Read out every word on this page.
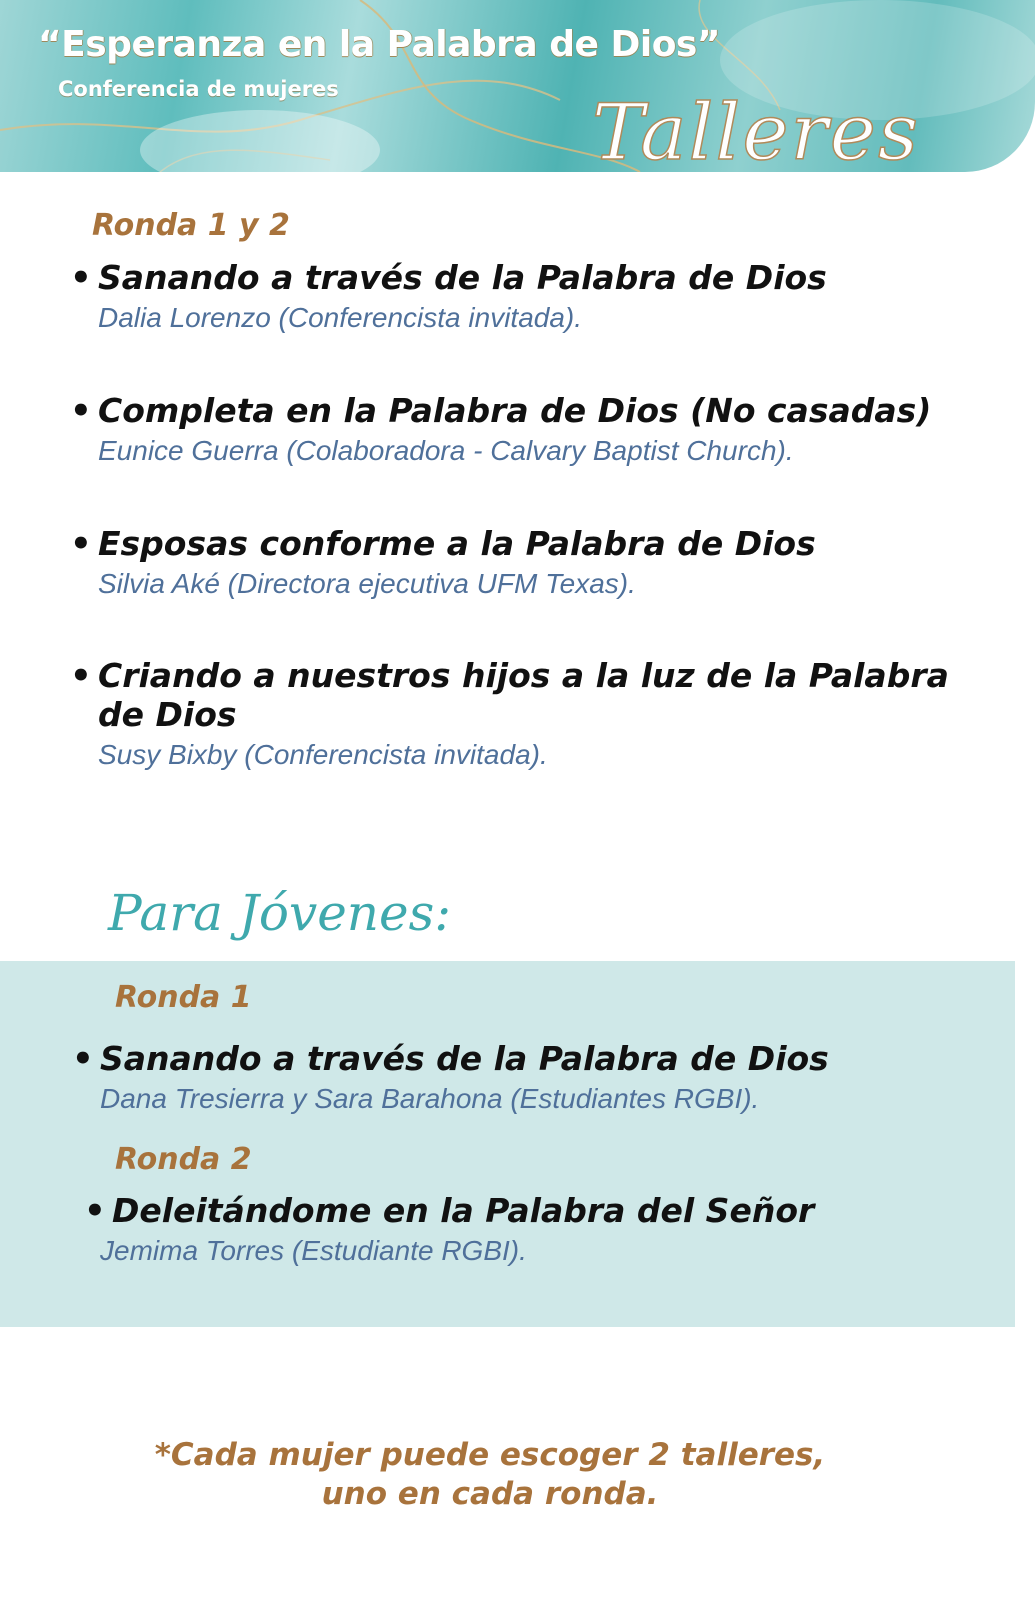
“Esperanza en la Palabra de Dios”
Conferencia de mujeres	Talleres
Ronda 1 y 2
• Sanando a través de la Palabra de Dios
Dalia Lorenzo (Conferencista invitada).
• Completa en la Palabra de Dios (No casadas)
Eunice Guerra (Colaboradora - Calvary Baptist Church).
• Esposas conforme a la Palabra de Dios
Silvia Aké (Directora ejecutiva UFM Texas).
• Criando a nuestros hijos a la luz de la Palabra de Dios
Susy Bixby (Conferencista invitada).
Para Jóvenes:
Ronda 1
• Sanando a través de la Palabra de Dios
Dana Tresierra y Sara Barahona (Estudiantes RGBI).
Ronda 2
• Deleitándome en la Palabra del Señor
Jemima Torres (Estudiante RGBI).
*Cada mujer puede escoger 2 talleres,
uno en cada ronda.
